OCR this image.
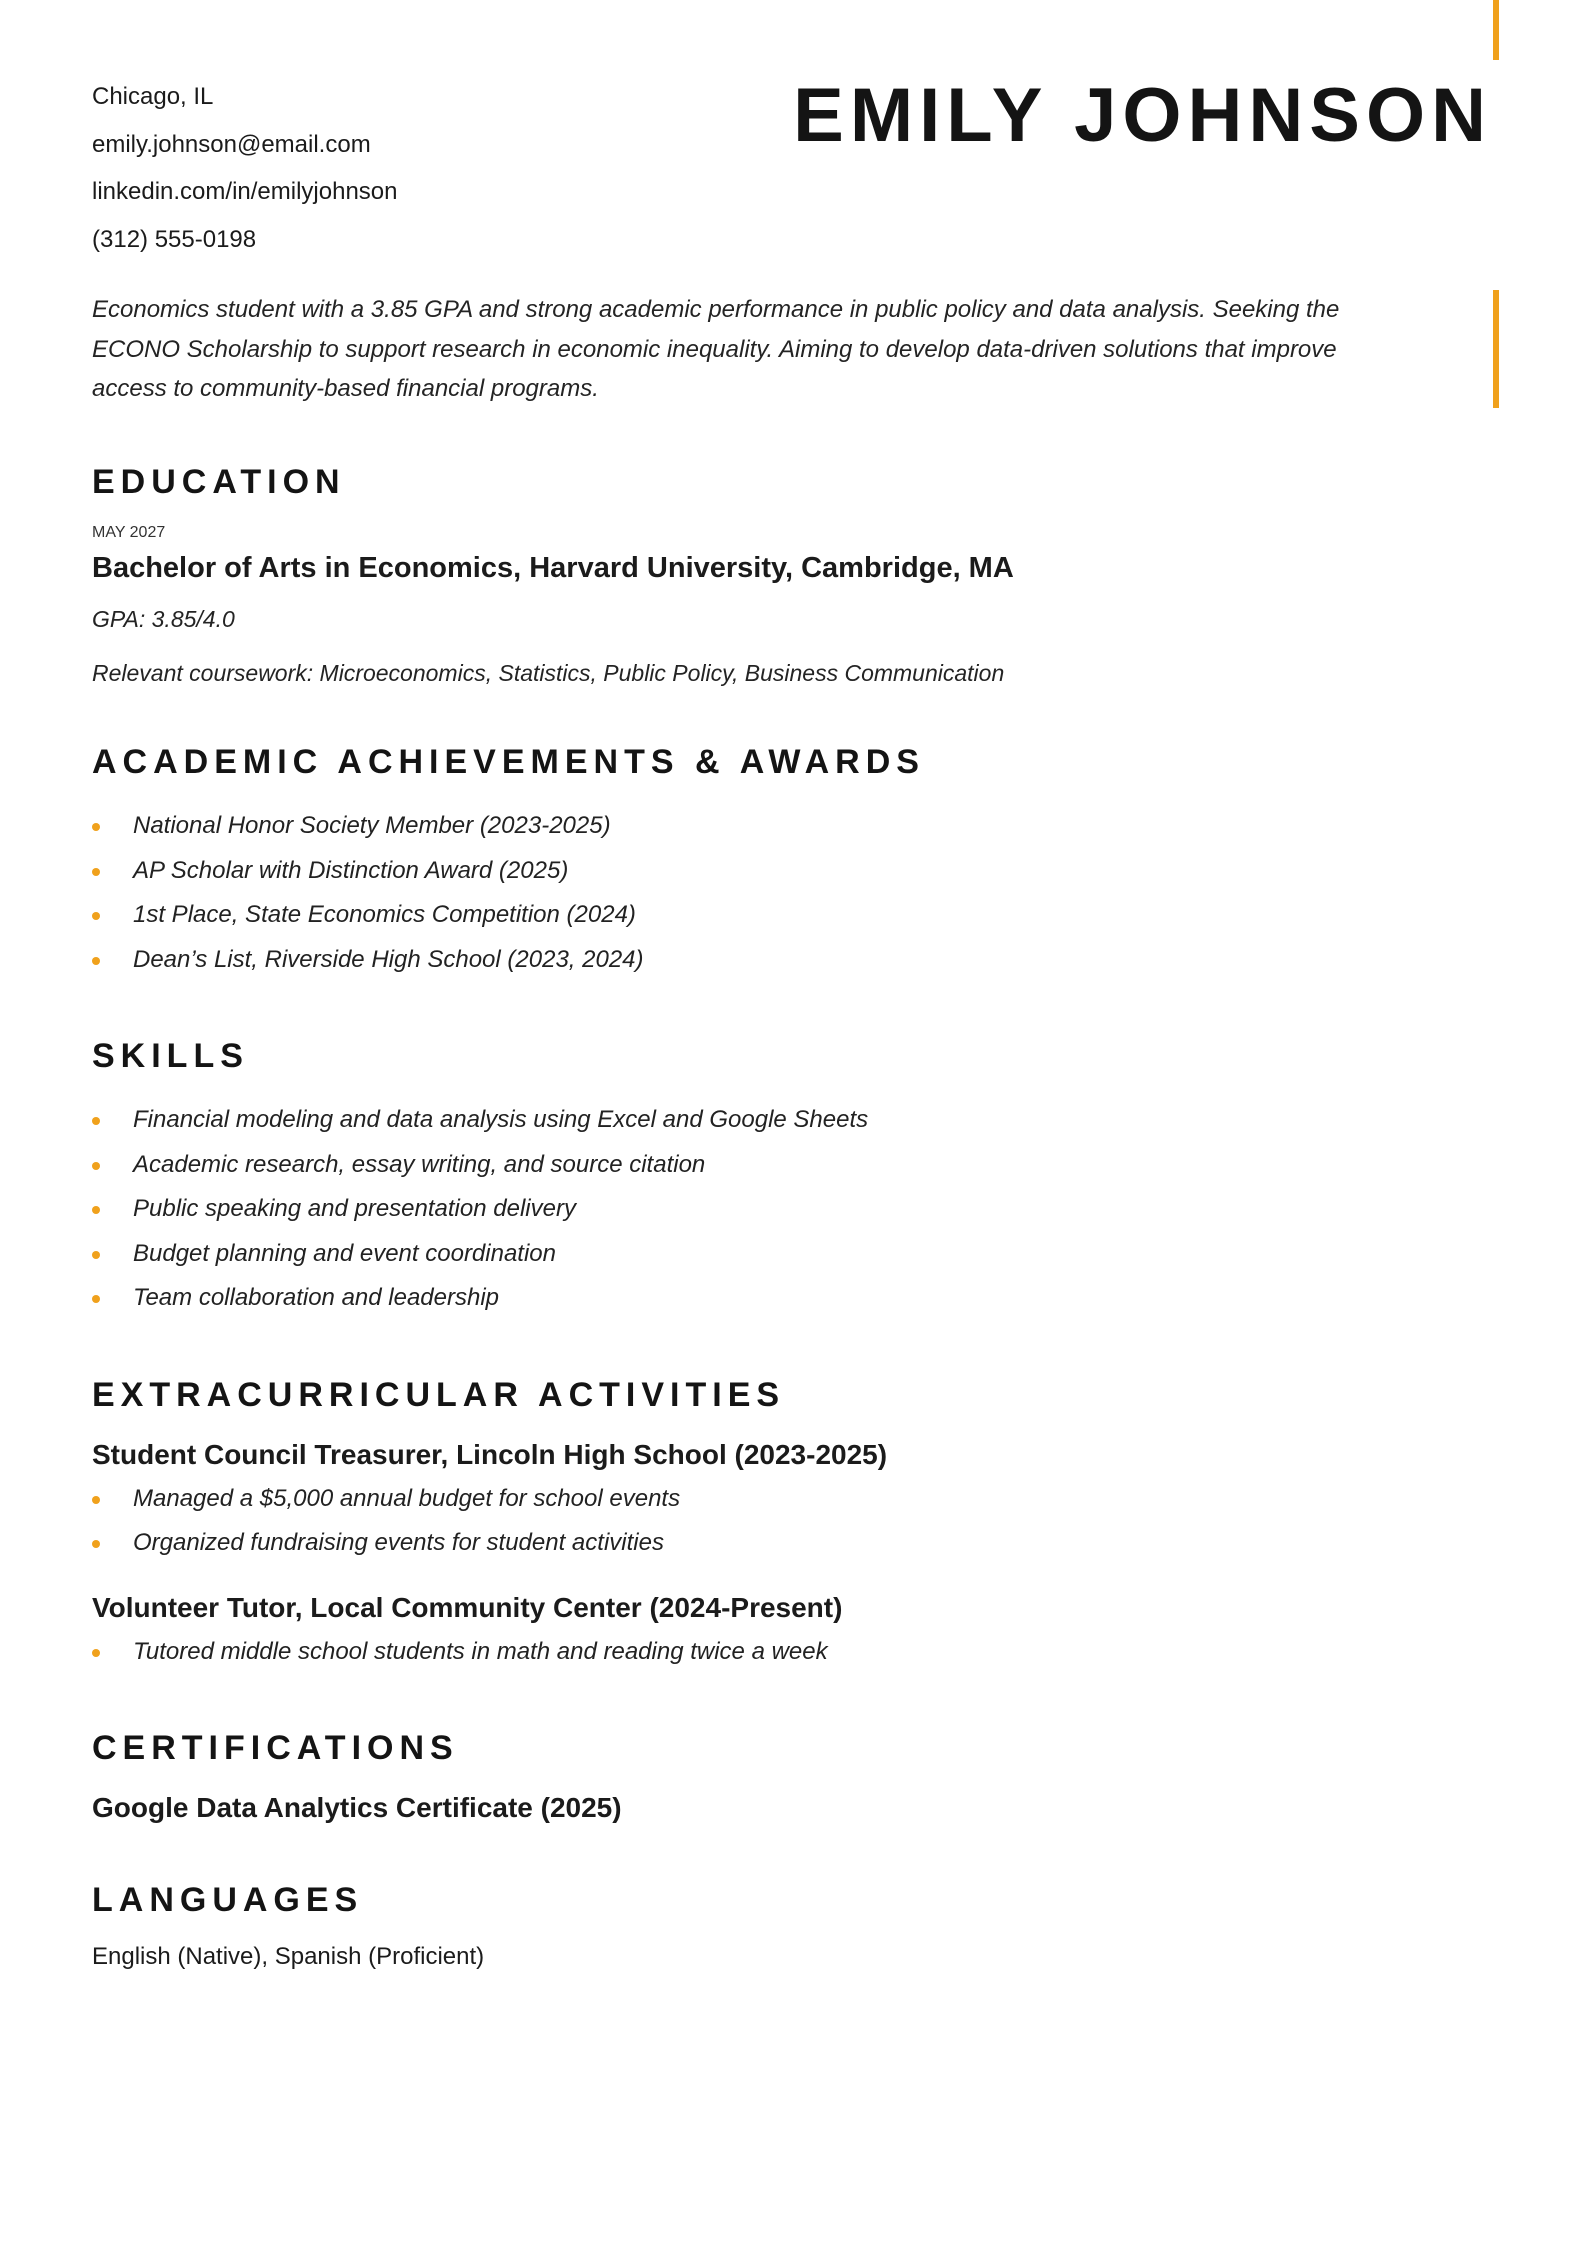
Chicago, IL
emily.johnson@email.com
linkedin.com/in/emilyjohnson
(312) 555-0198
EMILY JOHNSON

Economics student with a 3.85 GPA and strong academic performance in public policy and data analysis. Seeking the ECONO Scholarship to support research in economic inequality. Aiming to develop data-driven solutions that improve access to community-based financial programs.

EDUCATION
MAY 2027
Bachelor of Arts in Economics, Harvard University, Cambridge, MA
GPA: 3.85/4.0
Relevant coursework: Microeconomics, Statistics, Public Policy, Business Communication
ACADEMIC ACHIEVEMENTS & AWARDS
National Honor Society Member (2023-2025)
AP Scholar with Distinction Award (2025)
1st Place, State Economics Competition (2024)
Dean’s List, Riverside High School (2023, 2024)
SKILLS
Financial modeling and data analysis using Excel and Google Sheets
Academic research, essay writing, and source citation
Public speaking and presentation delivery
Budget planning and event coordination
Team collaboration and leadership
EXTRACURRICULAR ACTIVITIES
Student Council Treasurer, Lincoln High School (2023-2025)
Managed a $5,000 annual budget for school events
Organized fundraising events for student activities
Volunteer Tutor, Local Community Center (2024-Present)
Tutored middle school students in math and reading twice a week
CERTIFICATIONS
Google Data Analytics Certificate (2025)
LANGUAGES
English (Native), Spanish (Proficient)
